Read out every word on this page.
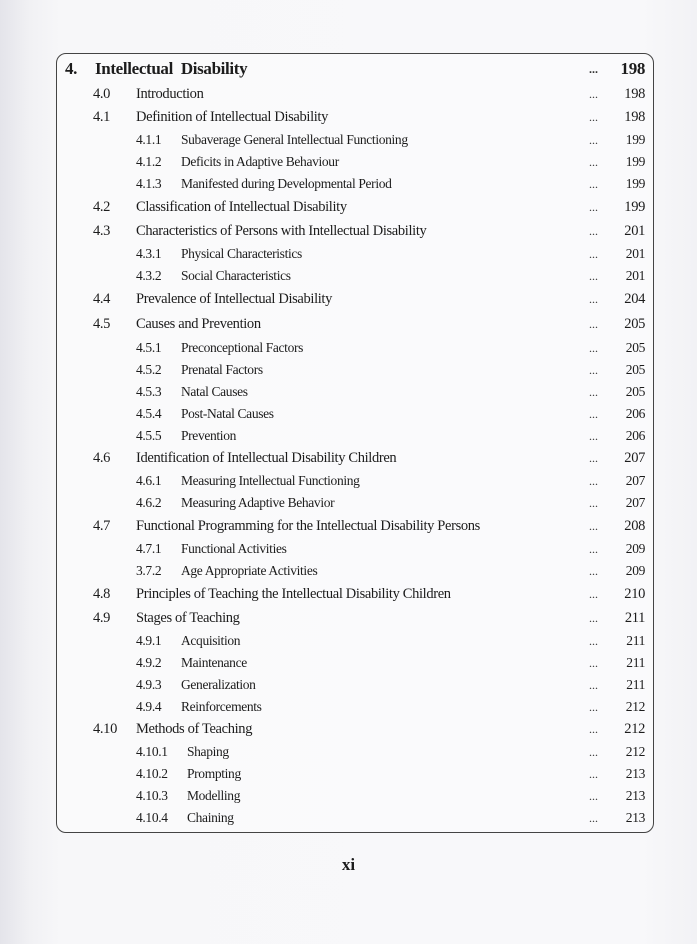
4. Intellectual Disability	... 198
4.0 Introduction	... 198
4.1 Definition of Intellectual Disability	... 198
4.1.1 Subaverage General Intellectual Functioning	... 199
4.1.2 Deficits in Adaptive Behaviour	... 199
4.1.3 Manifested during Developmental Period	... 199
4.2 Classification of Intellectual Disability	... 199
4.3 Characteristics of Persons with Intellectual Disability	... 201
4.3.1 Physical Characteristics	... 201
4.3.2 Social Characteristics	... 201
4.4 Prevalence of Intellectual Disability	... 204
4.5 Causes and Prevention	... 205
4.5.1 Preconceptional Factors	... 205
4.5.2 Prenatal Factors	... 205
4.5.3 Natal Causes	... 205
4.5.4 Post-Natal Causes	... 206
4.5.5 Prevention	... 206
4.6 Identification of Intellectual Disability Children	... 207
4.6.1 Measuring Intellectual Functioning	... 207
4.6.2 Measuring Adaptive Behavior	... 207
4.7 Functional Programming for the Intellectual Disability Persons	... 208
4.7.1 Functional Activities	... 209
3.7.2 Age Appropriate Activities	... 209
4.8 Principles of Teaching the Intellectual Disability Children	... 210
4.9 Stages of Teaching	... 211
4.9.1 Acquisition	... 211
4.9.2 Maintenance	... 211
4.9.3 Generalization	... 211
4.9.4 Reinforcements	... 212
4.10 Methods of Teaching	... 212
4.10.1 Shaping	... 212
4.10.2 Prompting	... 213
4.10.3 Modelling	... 213
4.10.4 Chaining	... 213
xi
